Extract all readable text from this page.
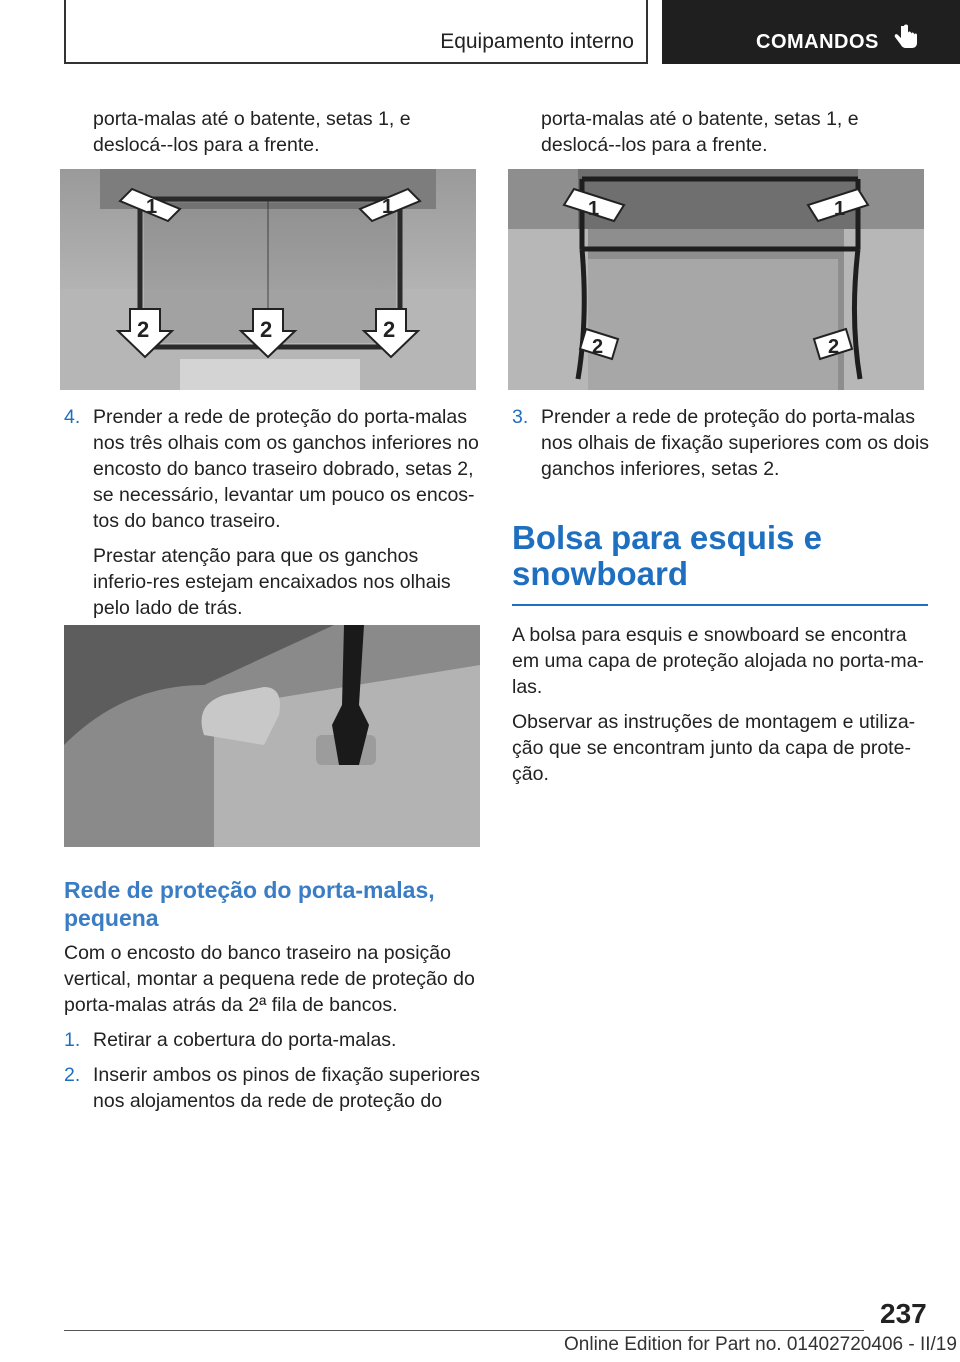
Equipamento interno	COMANDOS

porta-malas até o batente, setas 1, e deslocá--los para a frente.

1	1
2	2	2
4. Prender a rede de proteção do porta-malas nos três olhais com os ganchos inferiores no encosto do banco traseiro dobrado, setas 2, se necessário, levantar um pouco os encos-tos do banco traseiro.
Prestar atenção para que os ganchos inferio-res estejam encaixados nos olhais pelo lado de trás.
Rede de proteção do porta-malas, pequena

Com o encosto do banco traseiro na posição vertical, montar a pequena rede de proteção do porta-malas atrás da 2ª fila de bancos.

1. Retirar a cobertura do porta-malas.
2. Inserir ambos os pinos de fixação superiores nos alojamentos da rede de proteção do

porta-malas até o batente, setas 1, e deslocá--los para a frente.

1	1
2	2
3. Prender a rede de proteção do porta-malas nos olhais de fixação superiores com os dois ganchos inferiores, setas 2.
Bolsa para esquis e snowboard

A bolsa para esquis e snowboard se encontra em uma capa de proteção alojada no porta-ma-las.

Observar as instruções de montagem e utiliza-ção que se encontram junto da capa de prote-ção.

237
Online Edition for Part no. 01402720406 - II/19
